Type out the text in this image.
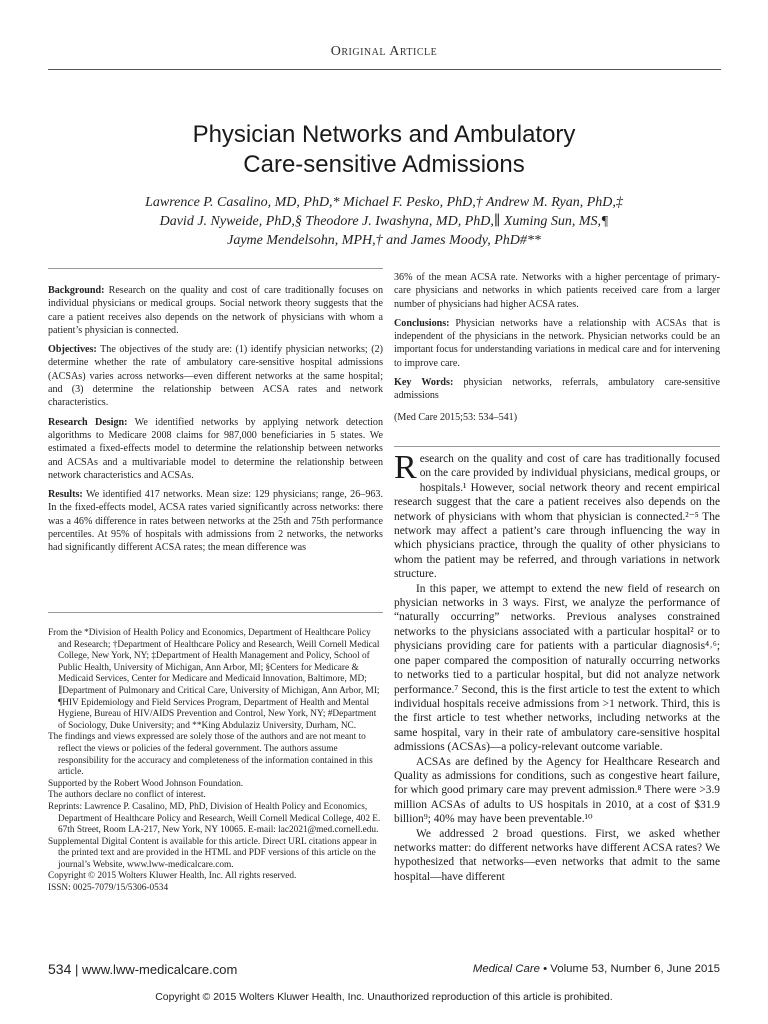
Original Article
Physician Networks and Ambulatory
Care-sensitive Admissions
Lawrence P. Casalino, MD, PhD,* Michael F. Pesko, PhD,† Andrew M. Ryan, PhD,‡
David J. Nyweide, PhD,§ Theodore J. Iwashyna, MD, PhD,∥ Xuming Sun, MS,¶
Jayme Mendelsohn, MPH,† and James Moody, PhD#**

Background: Research on the quality and cost of care traditionally focuses on individual physicians or medical groups. Social network theory suggests that the care a patient receives also depends on the network of physicians with whom a patient’s physician is connected.

Objectives: The objectives of the study are: (1) identify physician networks; (2) determine whether the rate of ambulatory care-sensitive hospital admissions (ACSAs) varies across networks—even different networks at the same hospital; and (3) determine the relationship between ACSA rates and network characteristics.

Research Design: We identified networks by applying network detection algorithms to Medicare 2008 claims for 987,000 beneficiaries in 5 states. We estimated a fixed-effects model to determine the relationship between networks and ACSAs and a multivariable model to determine the relationship between network characteristics and ACSAs.

Results: We identified 417 networks. Mean size: 129 physicians; range, 26–963. In the fixed-effects model, ACSA rates varied significantly across networks: there was a 46% difference in rates between networks at the 25th and 75th performance percentiles. At 95% of hospitals with admissions from 2 networks, the networks had significantly different ACSA rates; the mean difference was

36% of the mean ACSA rate. Networks with a higher percentage of primary-care physicians and networks in which patients received care from a larger number of physicians had higher ACSA rates.

Conclusions: Physician networks have a relationship with ACSAs that is independent of the physicians in the network. Physician networks could be an important focus for understanding variations in medical care and for intervening to improve care.

Key Words: physician networks, referrals, ambulatory care-sensitive admissions

(Med Care 2015;53: 534–541)

From the *Division of Health Policy and Economics, Department of Healthcare Policy and Research; †Department of Healthcare Policy and Research, Weill Cornell Medical College, New York, NY; ‡Department of Health Management and Policy, School of Public Health, University of Michigan, Ann Arbor, MI; §Centers for Medicare & Medicaid Services, Center for Medicare and Medicaid Innovation, Baltimore, MD; ∥Department of Pulmonary and Critical Care, University of Michigan, Ann Arbor, MI; ¶HIV Epidemiology and Field Services Program, Department of Health and Mental Hygiene, Bureau of HIV/AIDS Prevention and Control, New York, NY; #Department of Sociology, Duke University; and **King Abdulaziz University, Durham, NC.

The findings and views expressed are solely those of the authors and are not meant to reflect the views or policies of the federal government. The authors assume responsibility for the accuracy and completeness of the information contained in this article.

Supported by the Robert Wood Johnson Foundation.

The authors declare no conflict of interest.

Reprints: Lawrence P. Casalino, MD, PhD, Division of Health Policy and Economics, Department of Healthcare Policy and Research, Weill Cornell Medical College, 402 E. 67th Street, Room LA-217, New York, NY 10065. E-mail: lac2021@med.cornell.edu.

Supplemental Digital Content is available for this article. Direct URL citations appear in the printed text and are provided in the HTML and PDF versions of this article on the journal’s Website, www.lww-medicalcare.com.

Copyright © 2015 Wolters Kluwer Health, Inc. All rights reserved.

ISSN: 0025-7079/15/5306-0534

Research on the quality and cost of care has traditionally focused on the care provided by individual physicians, medical groups, or hospitals.¹ However, social network theory and recent empirical research suggest that the care a patient receives also depends on the network of physicians with whom that physician is connected.²⁻⁵ The network may affect a patient’s care through influencing the way in which physicians practice, through the quality of other physicians to whom the patient may be referred, and through variations in network structure.

In this paper, we attempt to extend the new field of research on physician networks in 3 ways. First, we analyze the performance of “naturally occurring” networks. Previous analyses constrained networks to the physicians associated with a particular hospital² or to physicians providing care for patients with a particular diagnosis⁴˒⁶; one paper compared the composition of naturally occurring networks to networks tied to a particular hospital, but did not analyze network performance.⁷ Second, this is the first article to test the extent to which individual hospitals receive admissions from >1 network. Third, this is the first article to test whether networks, including networks at the same hospital, vary in their rate of ambulatory care-sensitive hospital admissions (ACSAs)—a policy-relevant outcome variable.

ACSAs are defined by the Agency for Healthcare Research and Quality as admissions for conditions, such as congestive heart failure, for which good primary care may prevent admission.⁸ There were >3.9 million ACSAs of adults to US hospitals in 2010, at a cost of $31.9 billion⁹; 40% may have been preventable.¹⁰

We addressed 2 broad questions. First, we asked whether networks matter: do different networks have different ACSA rates? We hypothesized that networks—even networks that admit to the same hospital—have different

534 | www.lww-medicalcare.com	Medical Care • Volume 53, Number 6, June 2015
Copyright © 2015 Wolters Kluwer Health, Inc. Unauthorized reproduction of this article is prohibited.
